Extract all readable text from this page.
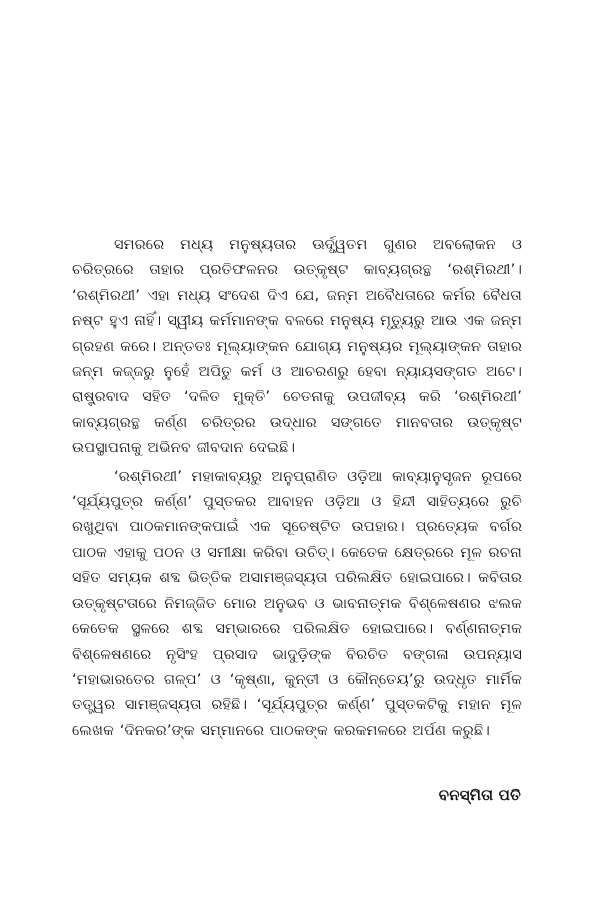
ସମରରେ ମଧ୍ୟ ମନୁଷ୍ୟତାର ଊର୍ଦ୍ଧ୍ୱତମ ଗୁଣର ଅବଲୋକନ ଓ ଚରିତ୍ରରେ ତାହାର ପ୍ରତିଫଳନର ଉତ୍କୃଷ୍ଟ କାବ୍ୟଗ୍ରନ୍ଥ ‘ରଶ୍ମିରଥୀ’। ‘ରଶ୍ମିରଥୀ’ ଏହା ମଧ୍ୟ ସଂଦେଶ ଦିଏ ଯେ, ଜନ୍ମ ଅବୈଧତାରେ କର୍ମର ବୈଧତା ନଷ୍ଟ ହୁଏ ନାହିଁ। ସ୍ୱୀୟ କର୍ମମାନଙ୍କ ବଳରେ ମନୁଷ୍ୟ ମୃତ୍ୟୁରୁ ଆଉ ଏକ ଜନ୍ମ ଗ୍ରହଣ କରେ। ଅନ୍ତତଃ ମୂଲ୍ୟାଙ୍କନ ଯୋଗ୍ୟ ମନୁଷ୍ୟର ମୂଲ୍ୟାଙ୍କନ ତାହାର ଜନ୍ମ କଜ୍ଜରୁ ନୁହେଁ ଅପିତୁ କର୍ମ ଓ ଆଚରଣରୁ ହେବା ନ୍ୟାୟସଙ୍ଗତ ଅଟେ। ରାଷ୍ଟ୍ରବାଦ ସହିତ ‘ଦଳିତ ମୁକ୍ତି’ ଚେତନାକୁ ଉପଜୀବ୍ୟ କରି ‘ରଶ୍ମିରଥୀ’ କାବ୍ୟଗ୍ରନ୍ଥ କର୍ଣ୍ଣ ଚରିତ୍ରର ଉଦ୍ଧାର ସଙ୍ଗତେ ମାନବତାର ଉତ୍କୃଷ୍ଟ ଉପସ୍ଥାପନାକୁ ଅଭିନବ ଜୀବଦାନ ଦେଇଛି।

‘ରଶ୍ମିରଥୀ’ ମହାକାବ୍ୟରୁ ଅନୁପ୍ରାଣିତ ଓଡ଼ିଆ କାବ୍ୟାନୁସୃଜନ ରୂପରେ ‘ସୂର୍ଯ୍ୟପୁତ୍ର କର୍ଣ୍ଣ’ ପୁସ୍ତକର ଆବାହନ ଓଡ଼ିଆ ଓ ହିନ୍ଦୀ ସାହିତ୍ୟରେ ରୁଚି ରଖୁଥିବା ପାଠକମାନଙ୍କପାଇଁ ଏକ ସୂଚେଷ୍ଟିତ ଉପହାର। ପ୍ରତ୍ୟେକ ବର୍ଗର ପାଠକ ଏହାକୁ ପଠନ ଓ ସମୀକ୍ଷା କରିବା ଉଚିତ୍। କେତେକ କ୍ଷେତ୍ରରେ ମୂଳ ରଚନା ସହିତ ସମ୍ୟକ ଶବ୍ଦ ଭିତ୍ତିକ ଅସାମଞ୍ଜସ୍ୟତା ପରିଲକ୍ଷିତ ହୋଇପାରେ। କବିତାର ଉତ୍କୃଷ୍ଟତାରେ ନିମଜ୍ଜିତ ମୋର ଅନୁଭବ ଓ ଭାବନାତ୍ମକ ବିଶ୍ଳେଷଣର ଝଲକ କେତେକ ସ୍ଥଳରେ ଶବ୍ଦ ସମ୍ଭାରରେ ପରିଲକ୍ଷିତ ହୋଇପାରେ। ବର୍ଣ୍ଣନାତ୍ମକ ବିଶ୍ଳେଷଣରେ ନୃସିଂହ ପ୍ରସାଦ ଭାଦୁଡ଼ିଙ୍କ ବିରଚିତ ବଙ୍ଗଳା ଉପନ୍ୟାସ ‘ମହାଭାରତେର ଗଳ୍ପ’ ଓ ‘କୃଷ୍ଣା, କୁନ୍ତୀ ଓ କୌନ୍ତେୟ’ରୁ ଉଦ୍ଧୃତ ମାର୍ମିକ ତତ୍ତ୍ୱର ସାମଞ୍ଜସ୍ୟତା ରହିଛି। ‘ସୂର୍ଯ୍ୟପୁତ୍ର କର୍ଣ୍ଣ’ ପୁସ୍ତକଟିକୁ ମହାନ ମୂଳ ଲେଖକ ‘ଦିନକର’ଙ୍କ ସମ୍ମାନରେ ପାଠକଙ୍କ କରକମଳରେ ଅର୍ପଣ କରୁଛି।

ବନସ୍ମିତା ପତି
